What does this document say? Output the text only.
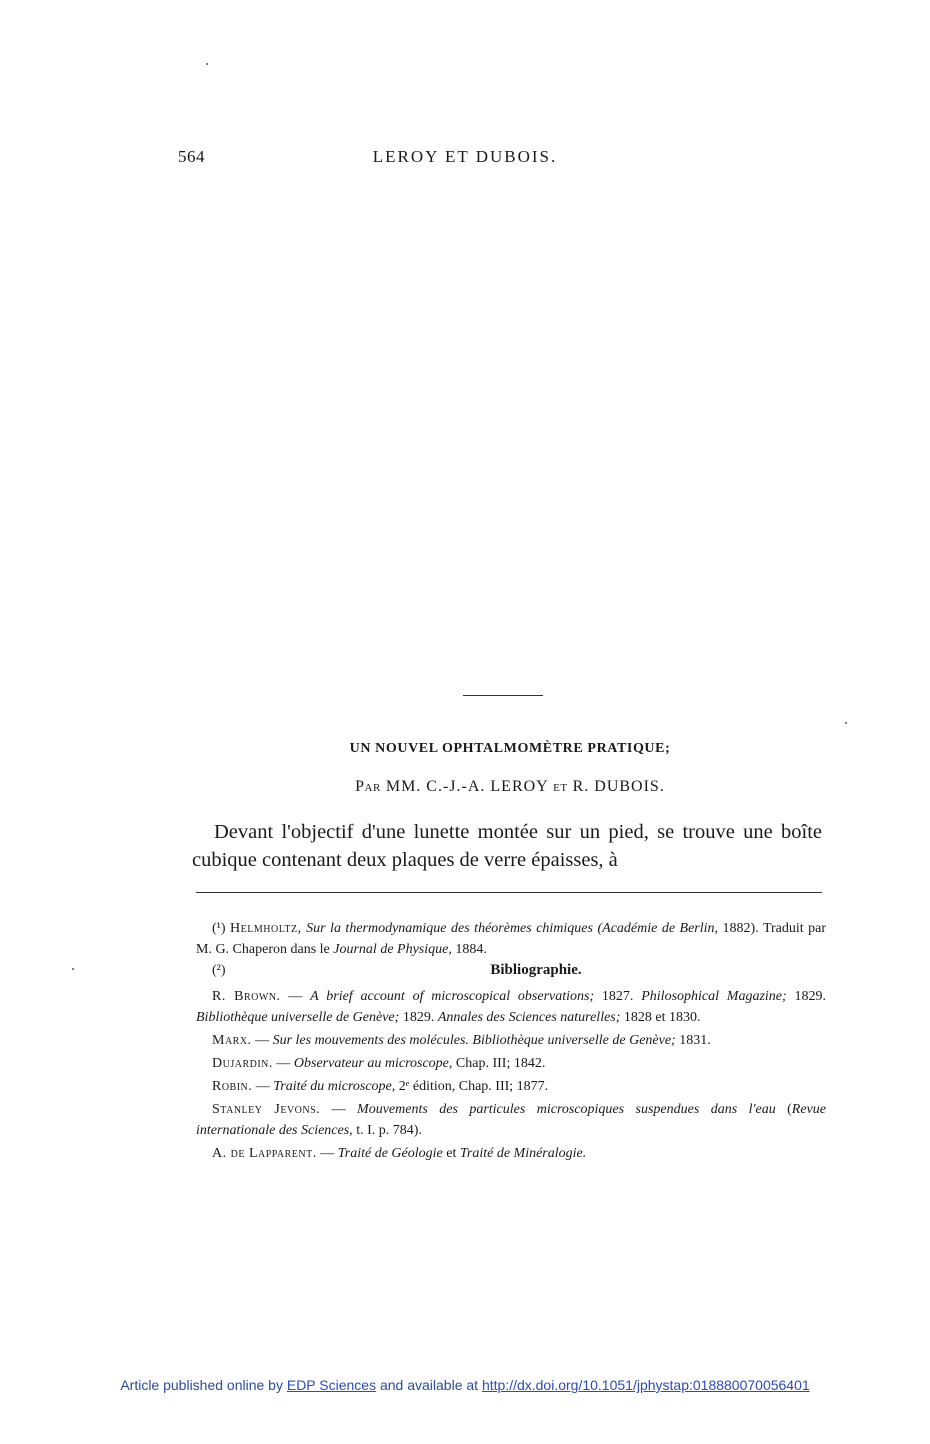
564	LEROY ET DUBOIS.
UN NOUVEL OPHTALMOMÈTRE PRATIQUE;
Par MM. C.-J.-A. LEROY et R. DUBOIS.
Devant l'objectif d'une lunette montée sur un pied, se trouve une boîte cubique contenant deux plaques de verre épaisses, à

(¹) Helmholtz, Sur la thermodynamique des théorèmes chimiques (Académie de Berlin, 1882). Traduit par M. G. Chaperon dans le Journal de Physique, 1884.

(²)	Bibliographie.

R. Brown. — A brief account of microscopical observations; 1827. Philosophical Magazine; 1829. Bibliothèque universelle de Genève; 1829. Annales des Sciences naturelles; 1828 et 1830.

Marx. — Sur les mouvements des molécules. Bibliothèque universelle de Genève; 1831.

Dujardin. — Observateur au microscope, Chap. III; 1842.

Robin. — Traité du microscope, 2ᵉ édition, Chap. III; 1877.

Stanley Jevons. — Mouvements des particules microscopiques suspendues dans l'eau (Revue internationale des Sciences, t. I. p. 784).

A. de Lapparent. — Traité de Géologie et Traité de Minéralogie.

Article published online by EDP Sciences and available at http://dx.doi.org/10.1051/jphystap:018880070056401
